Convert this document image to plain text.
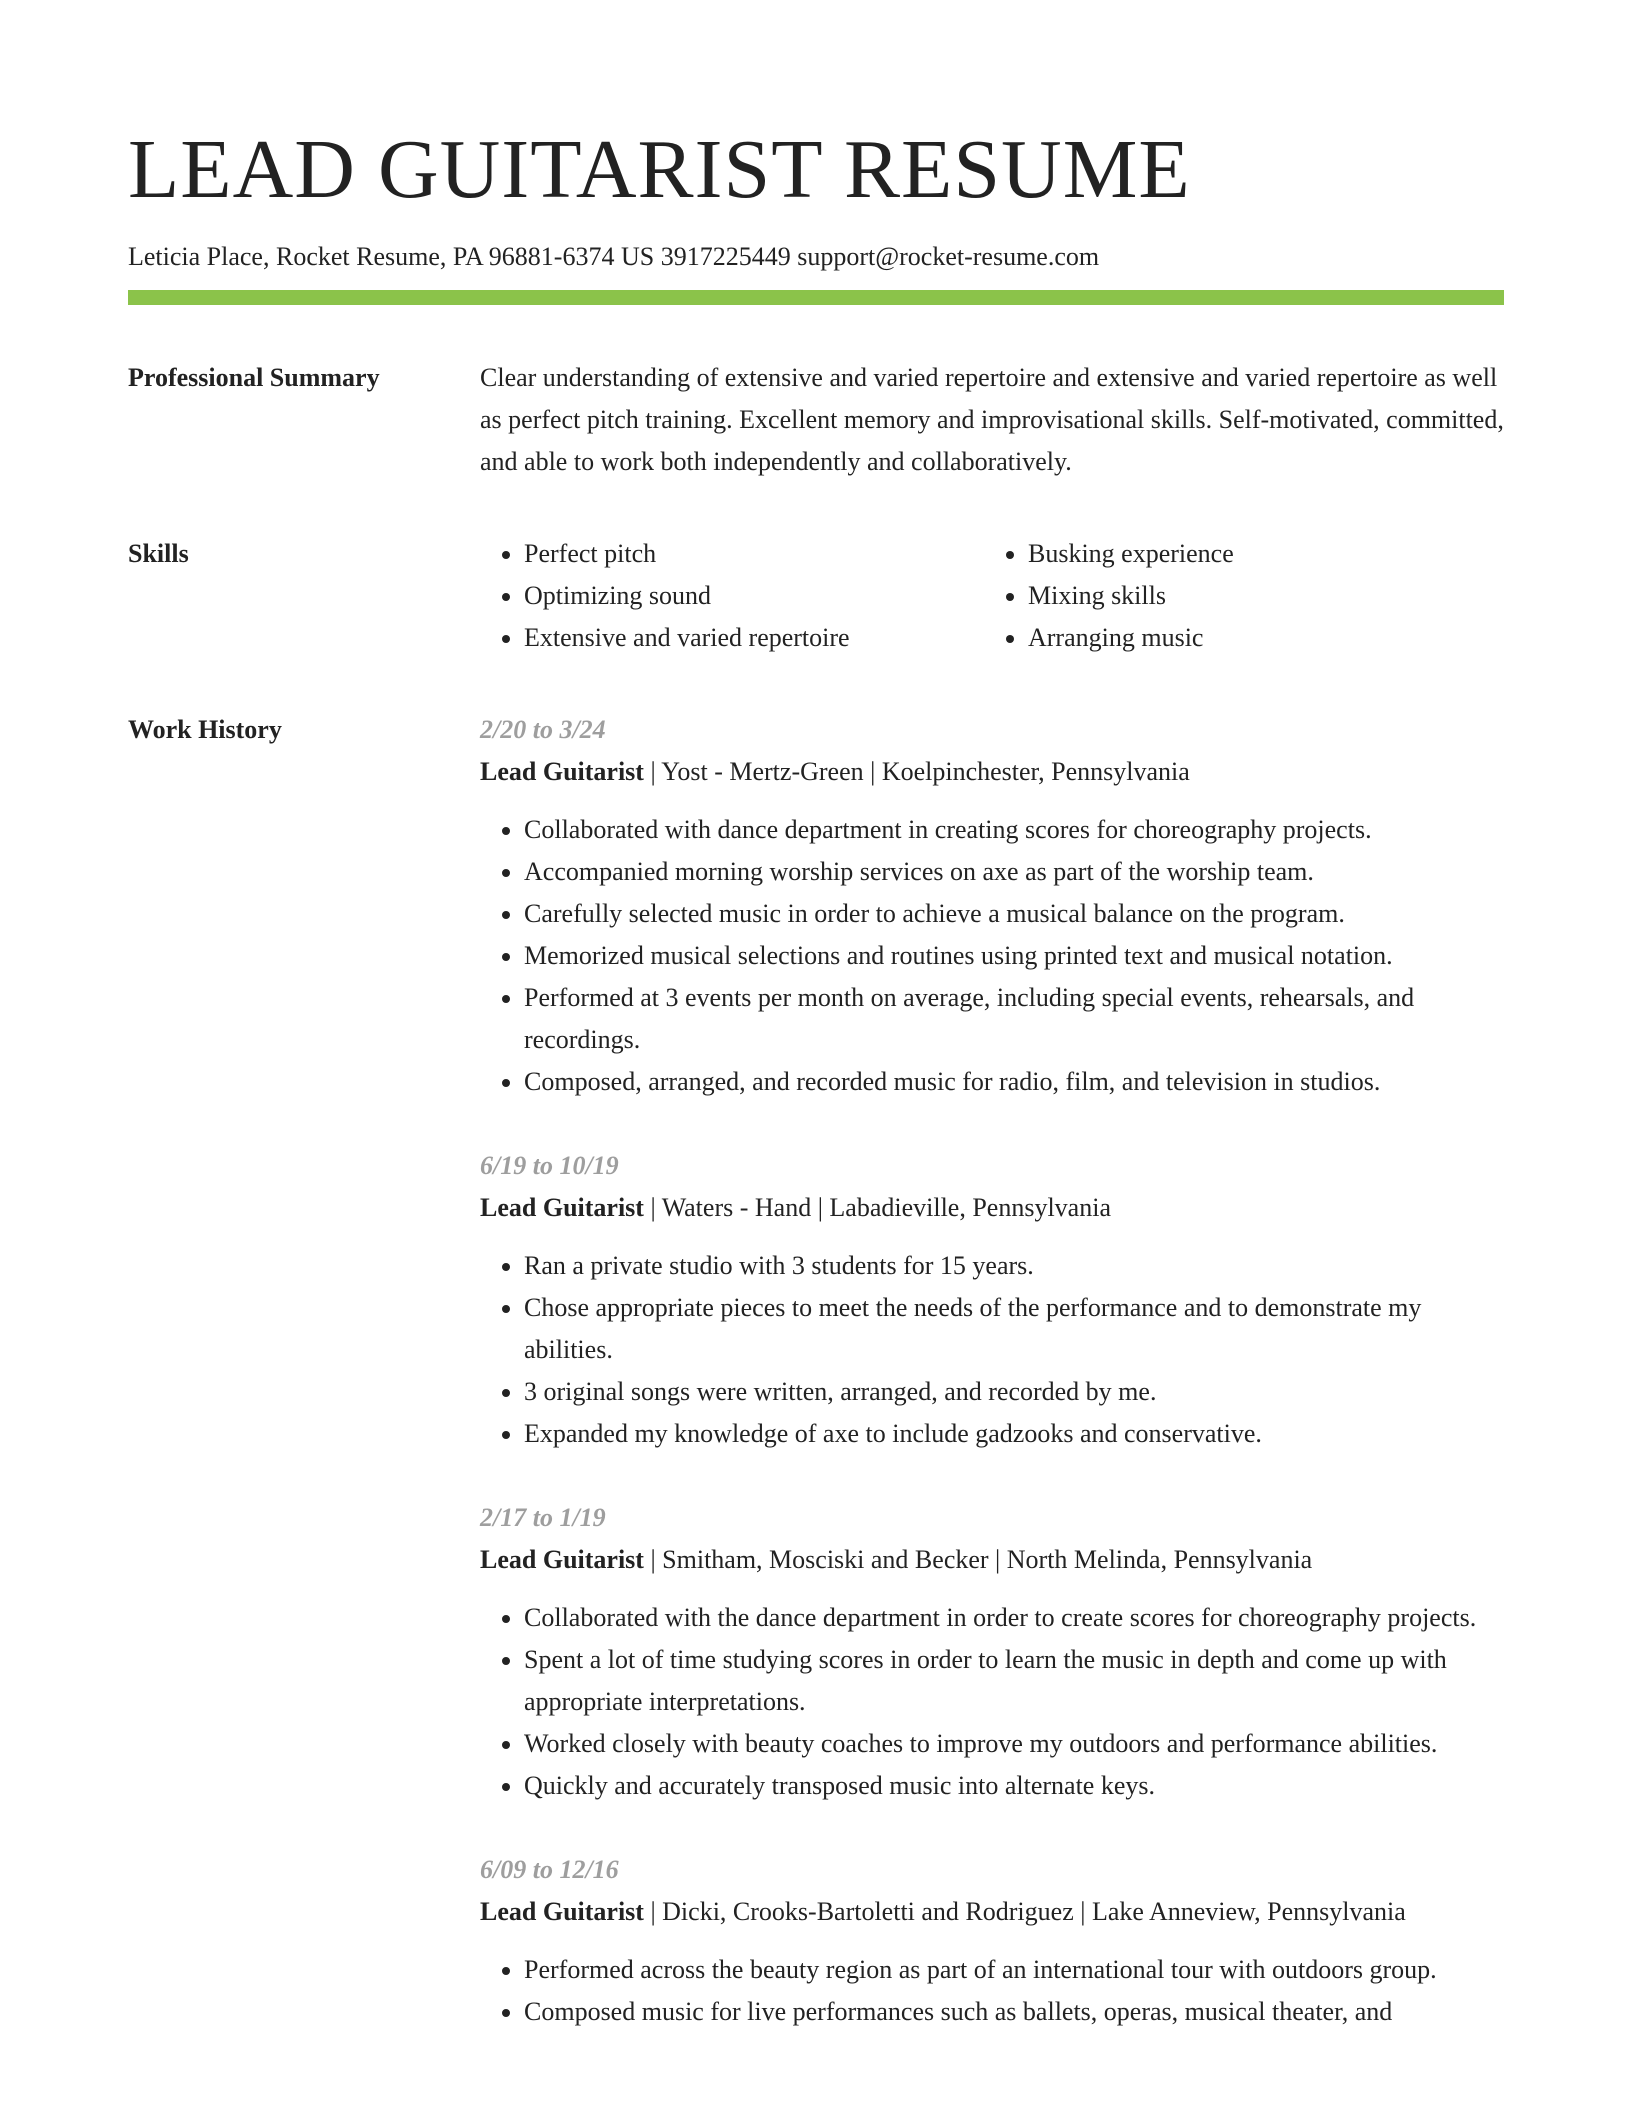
LEAD GUITARIST RESUME
Leticia Place, Rocket Resume, PA 96881-6374 US 3917225449 support@rocket-resume.com
Professional Summary	Clear understanding of extensive and varied repertoire and extensive and varied repertoire as well as perfect pitch training. Excellent memory and improvisational skills. Self-motivated, committed, and able to work both independently and collaboratively.

Skills
•	Perfect pitch
• Optimizing sound
• Extensive and varied repertoire
• Busking experience
• Mixing skills
• Arranging music
Work History	2/20 to 3/24
Lead Guitarist | Yost - Mertz-Green | Koelpinchester, Pennsylvania
• Collaborated with dance department in creating scores for choreography projects.
• Accompanied morning worship services on axe as part of the worship team.
• Carefully selected music in order to achieve a musical balance on the program.
• Memorized musical selections and routines using printed text and musical notation.
• Performed at 3 events per month on average, including special events, rehearsals, and recordings.
• Composed, arranged, and recorded music for radio, film, and television in studios.
6/19 to 10/19
Lead Guitarist | Waters - Hand | Labadieville, Pennsylvania
• Ran a private studio with 3 students for 15 years.
• Chose appropriate pieces to meet the needs of the performance and to demonstrate my abilities.
• 3 original songs were written, arranged, and recorded by me.
• Expanded my knowledge of axe to include gadzooks and conservative.
2/17 to 1/19
Lead Guitarist | Smitham, Mosciski and Becker | North Melinda, Pennsylvania
• Collaborated with the dance department in order to create scores for choreography projects.
• Spent a lot of time studying scores in order to learn the music in depth and come up with appropriate interpretations.
• Worked closely with beauty coaches to improve my outdoors and performance abilities.
• Quickly and accurately transposed music into alternate keys.
6/09 to 12/16
Lead Guitarist | Dicki, Crooks-Bartoletti and Rodriguez | Lake Anneview, Pennsylvania
• Performed across the beauty region as part of an international tour with outdoors group.
• Composed music for live performances such as ballets, operas, musical theater, and
